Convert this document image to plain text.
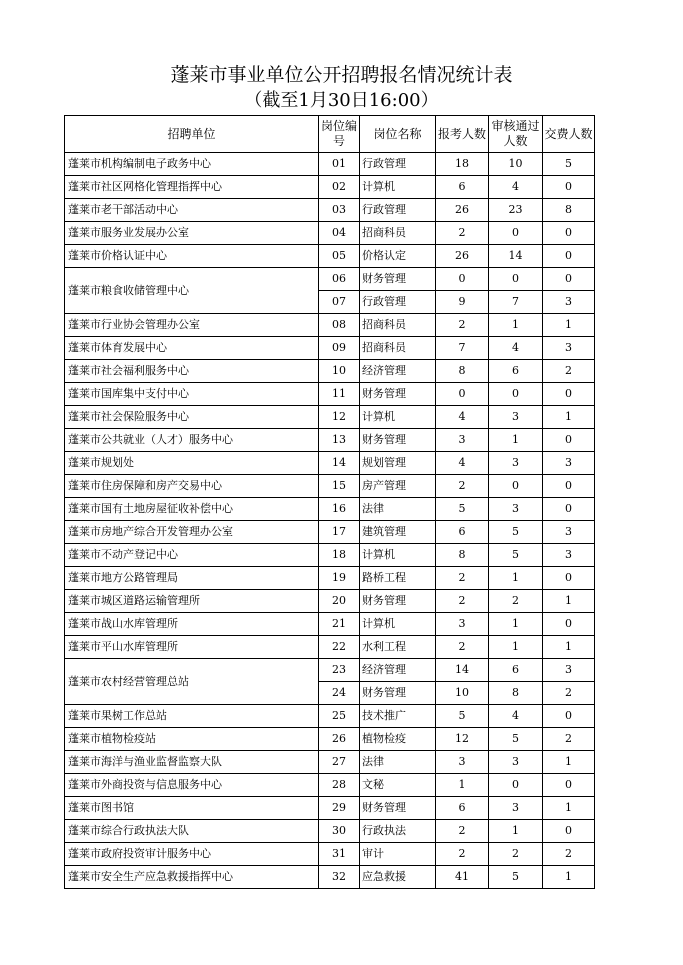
蓬莱市事业单位公开招聘报名情况统计表
（截至1月30日16:00）
招聘单位	岗位编号	岗位名称	报考人数	审核通过人数	交费人数
蓬莱市机构编制电子政务中心	01	行政管理	18	10	5
蓬莱市社区网格化管理指挥中心	02	计算机	6	4	0
蓬莱市老干部活动中心	03	行政管理	26	23	8
蓬莱市服务业发展办公室	04	招商科员	2	0	0
蓬莱市价格认证中心	05	价格认定	26	14	0
蓬莱市粮食收储管理中心	06	财务管理	0	0	0
	07	行政管理	9	7	3
蓬莱市行业协会管理办公室	08	招商科员	2	1	1
蓬莱市体育发展中心	09	招商科员	7	4	3
蓬莱市社会福利服务中心	10	经济管理	8	6	2
蓬莱市国库集中支付中心	11	财务管理	0	0	0
蓬莱市社会保险服务中心	12	计算机	4	3	1
蓬莱市公共就业（人才）服务中心	13	财务管理	3	1	0
蓬莱市规划处	14	规划管理	4	3	3
蓬莱市住房保障和房产交易中心	15	房产管理	2	0	0
蓬莱市国有土地房屋征收补偿中心	16	法律	5	3	0
蓬莱市房地产综合开发管理办公室	17	建筑管理	6	5	3
蓬莱市不动产登记中心	18	计算机	8	5	3
蓬莱市地方公路管理局	19	路桥工程	2	1	0
蓬莱市城区道路运输管理所	20	财务管理	2	2	1
蓬莱市战山水库管理所	21	计算机	3	1	0
蓬莱市平山水库管理所	22	水利工程	2	1	1
蓬莱市农村经营管理总站	23	经济管理	14	6	3
	24	财务管理	10	8	2
蓬莱市果树工作总站	25	技术推广	5	4	0
蓬莱市植物检疫站	26	植物检疫	12	5	2
蓬莱市海洋与渔业监督监察大队	27	法律	3	3	1
蓬莱市外商投资与信息服务中心	28	文秘	1	0	0
蓬莱市图书馆	29	财务管理	6	3	1
蓬莱市综合行政执法大队	30	行政执法	2	1	0
蓬莱市政府投资审计服务中心	31	审计	2	2	2
蓬莱市安全生产应急救援指挥中心	32	应急救援	41	5	1
